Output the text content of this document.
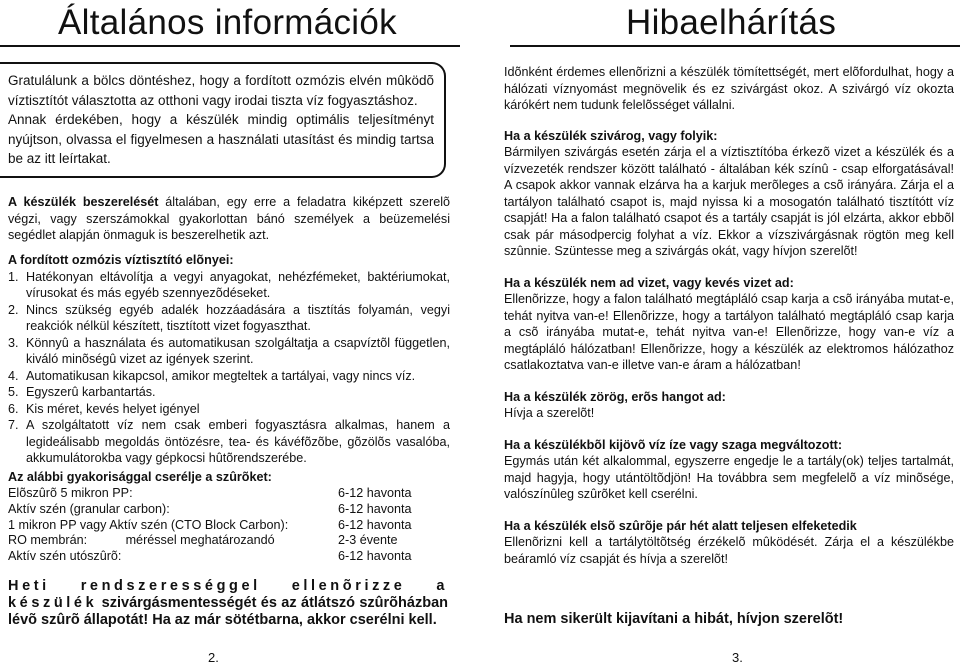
Általános információk
Gratulálunk a bölcs döntéshez, hogy a fordított ozmózis elvén mûködõ víztisztítót választotta az otthoni vagy irodai tiszta víz fogyasztáshoz.
Annak érdekében, hogy a készülék mindig optimális teljesítményt nyújtson, olvassa el figyelmesen a használati utasítást és mindig tartsa be az itt leírtakat.
A készülék beszerelését általában, egy erre a feladatra kiképzett szerelõ végzi, vagy szerszámokkal gyakorlottan bánó személyek a beüzemelési segédlet alapján önmaguk is beszerelhetik azt.
A fordított ozmózis víztisztító elõnyei:
1. Hatékonyan eltávolítja a vegyi anyagokat, nehézfémeket, baktériumokat, vírusokat és más egyéb szennyezõdéseket.
2. Nincs szükség egyéb adalék hozzáadására a tisztítás folyamán, vegyi reakciók nélkül készített, tisztított vizet fogyaszthat.
3. Könnyû a használata és automatikusan szolgáltatja a csapvíztõl független, kiváló minõségû vizet az igények szerint.
4. Automatikusan kikapcsol, amikor megteltek a tartályai, vagy nincs víz.
5. Egyszerû karbantartás.
6. Kis méret, kevés helyet igényel
7. A szolgáltatott víz nem csak emberi fogyasztásra alkalmas, hanem a legideálisabb megoldás öntözésre, tea- és kávéfõzõbe, gõzölõs vasalóba, akkumulátorokba vagy gépkocsi hûtõrendszerébe.
Az alábbi gyakorisággal cserélje a szûrõket:
Elõszûrõ 5 mikron PP:	6-12 havonta
Aktív szén (granular carbon):	6-12 havonta
1 mikron PP vagy Aktív szén (CTO Block Carbon):	6-12 havonta
RO membrán:           méréssel meghatározandó	2-3 évente
Aktív szén utószûrõ:	6-12 havonta
Heti rendszerességgel ellenõrizze a készülék szivárgásmentességét és az átlátszó szûrõházban lévõ szûrõ állapotát! Ha az már sötétbarna, akkor cserélni kell.
2.
Hibaelhárítás
Idõnként érdemes ellenõrizni a készülék tömítettségét, mert elõfordulhat, hogy a hálózati víznyomást megnövelik és ez szivárgást okoz. A szivárgó víz okozta kárókért nem tudunk felelõsséget vállalni.
Ha a készülék szivárog, vagy folyik:
Bármilyen szivárgás esetén zárja el a víztisztítóba érkezõ vizet a készülék és a vízvezeték rendszer között található - általában kék színû - csap elforgatásával! A csapok akkor vannak elzárva ha a karjuk merõleges a csõ irányára. Zárja el a tartályon található csapot is, majd nyissa ki a mosogatón található tisztítótt víz csapját! Ha a falon található csapot és a tartály csapját is jól elzárta, akkor ebbõl csak pár másodpercig folyhat a víz. Ekkor a vízszivárgásnak rögtön meg kell szûnnie. Szüntesse meg a szivárgás okát, vagy hívjon szerelõt!
Ha a készülék nem ad vizet, vagy kevés vizet ad:
Ellenõrizze, hogy a falon található megtápláló csap karja a csõ irányába mutat-e, tehát nyitva van-e! Ellenõrizze, hogy a tartályon található megtápláló csap karja a csõ irányába mutat-e, tehát nyitva van-e! Ellenõrizze, hogy van-e víz a megtápláló hálózatban! Ellenõrizze, hogy a készülék az elektromos hálózathoz csatlakoztatva van-e illetve van-e áram a hálózatban!
Ha a készülék zörög, erõs hangot ad:
Hívja a szerelõt!
Ha a készülékbõl kijövõ víz íze vagy szaga megváltozott:
Egymás után két alkalommal, egyszerre engedje le a tartály(ok) teljes tartalmát, majd hagyja, hogy utántöltõdjön! Ha továbbra sem megfelelõ a víz minõsége, valószínûleg szûrõket kell cserélni.
Ha a készülék elsõ szûrõje pár hét alatt teljesen elfeketedik
Ellenõrizni kell a tartálytöltõtség érzékelõ mûködését. Zárja el a készülékbe beáramló víz csapját és hívja a szerelõt!
3.
Ha nem sikerült kijavítani a hibát, hívjon szerelõt!
